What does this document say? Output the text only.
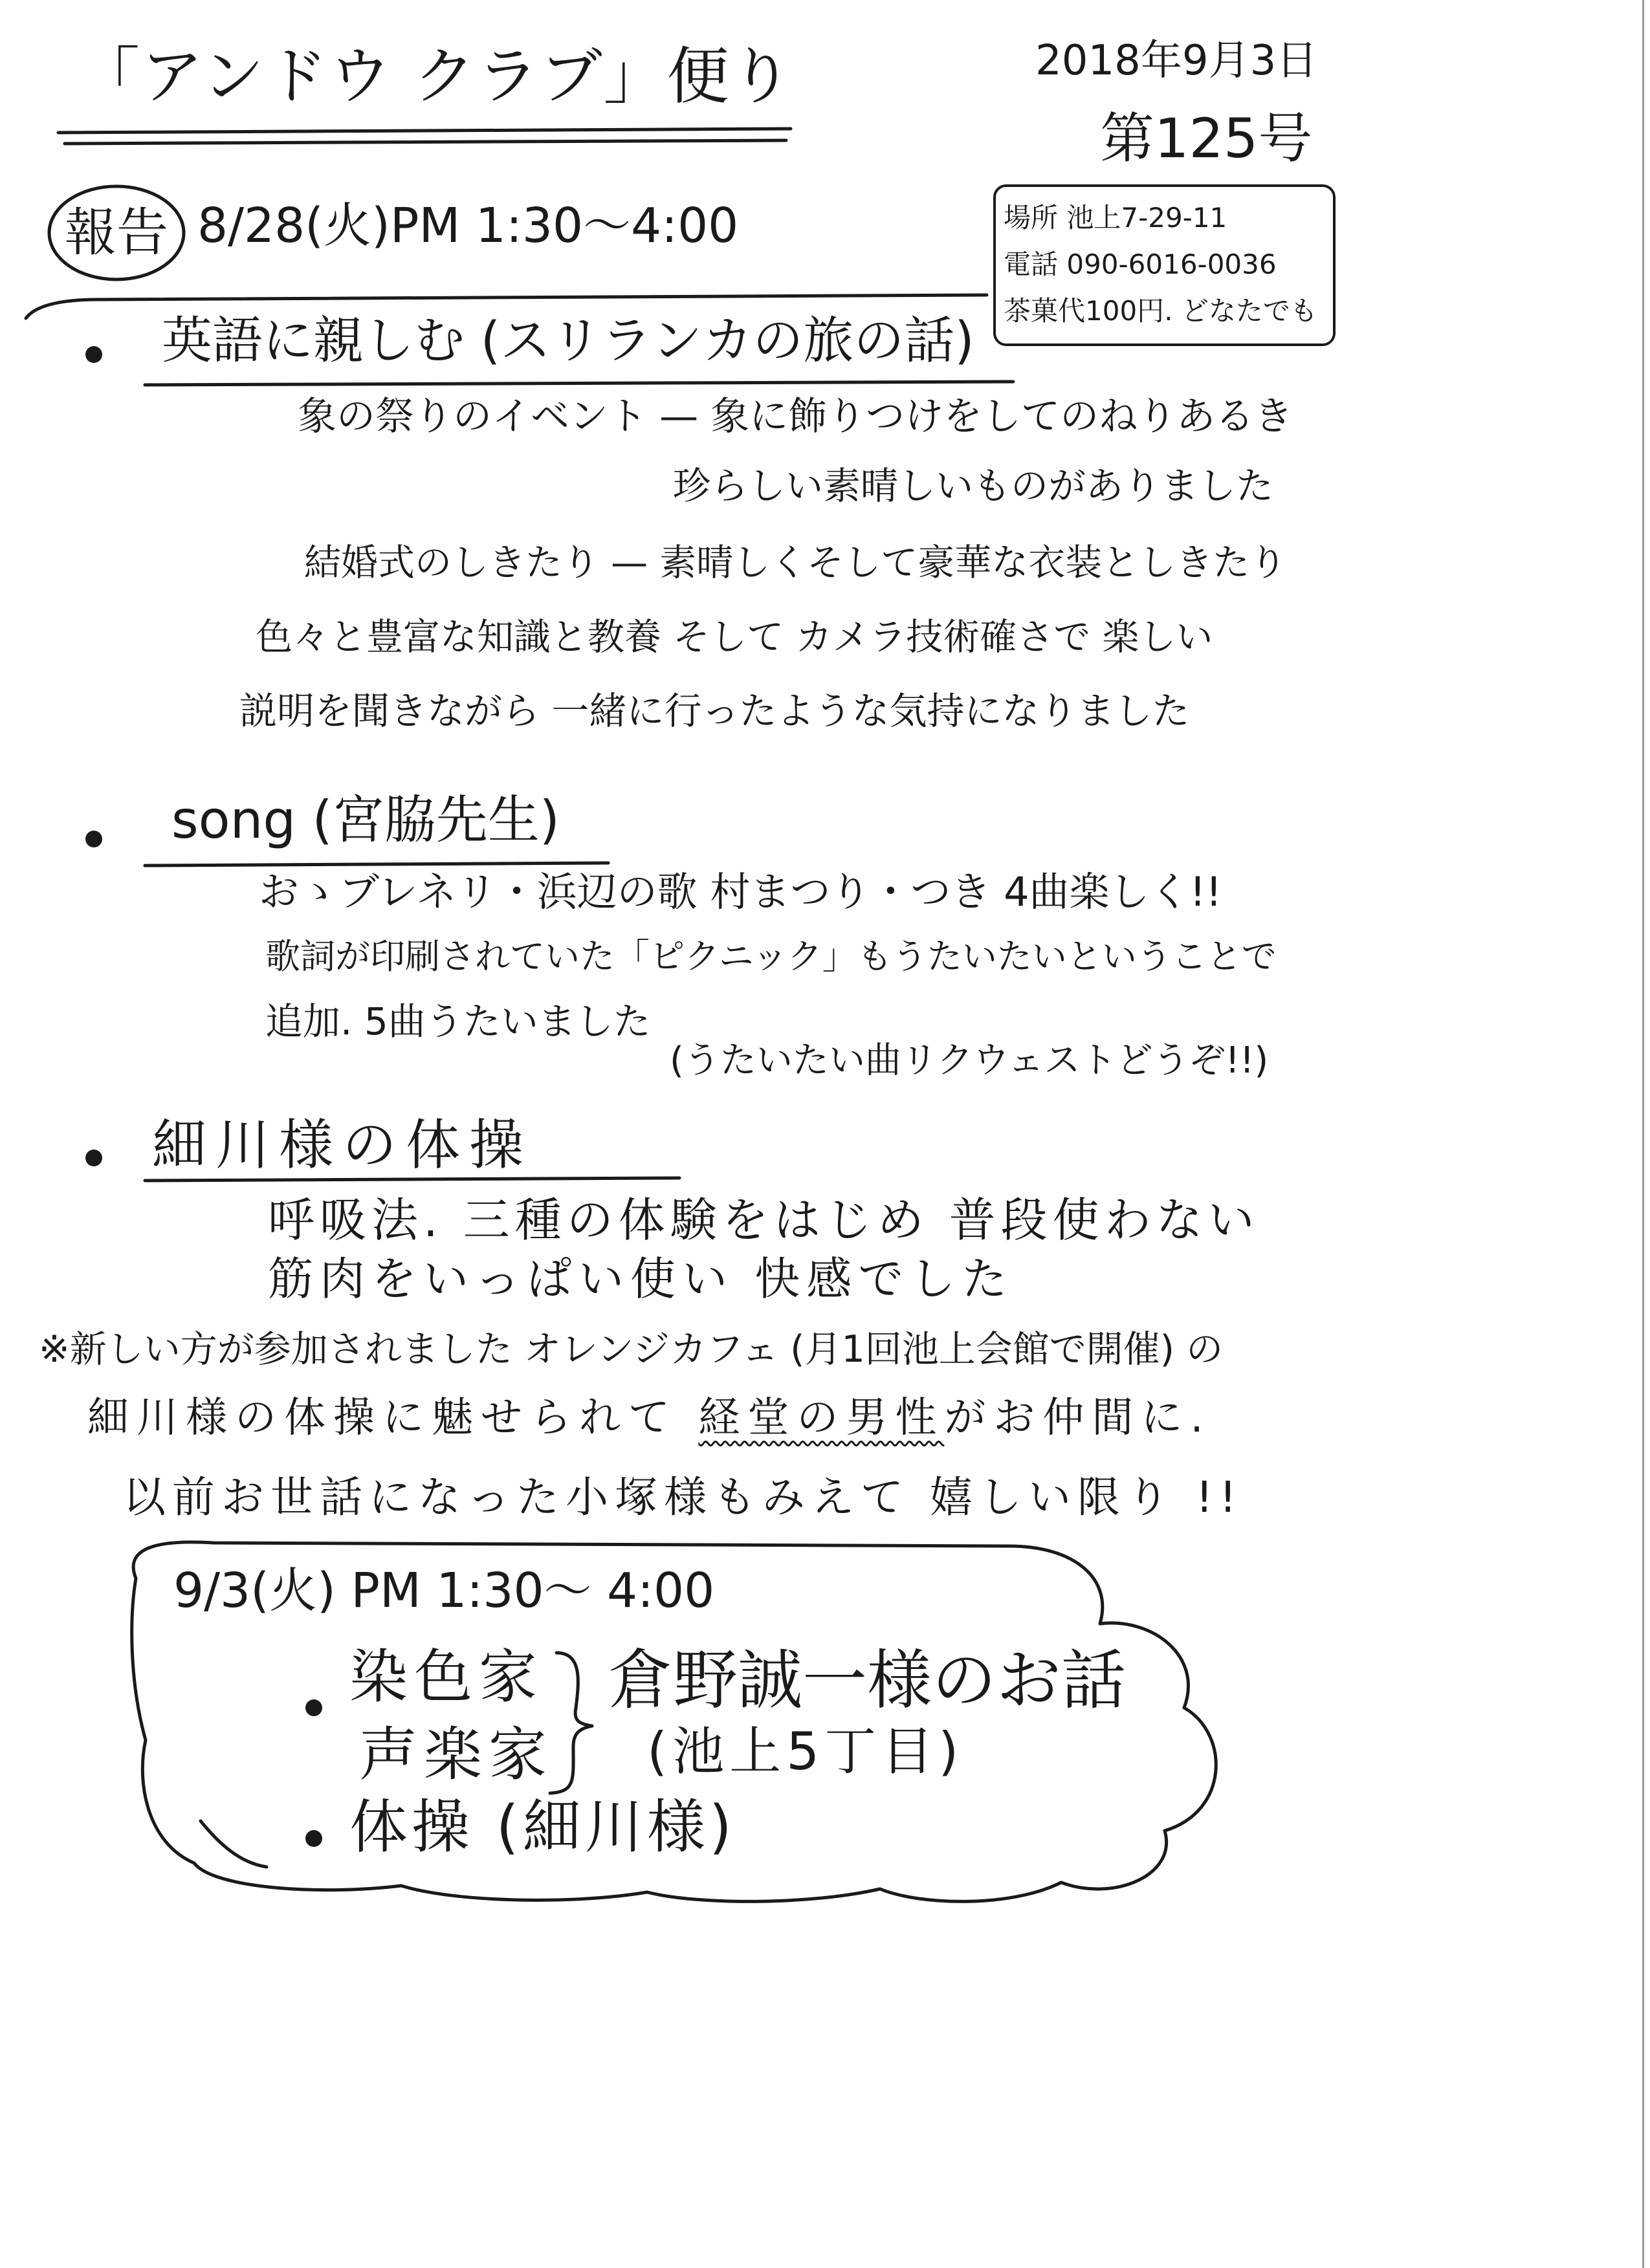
「アンドウ クラブ」便り	2018年9月3日
第125号
場所 池上7-29-11
電話 090-6016-0036
茶菓代100円. どなたでも
報告 8/28(火)PM 1:30〜4:00
英語に親しむ (スリランカの旅の話)
象の祭りのイベント — 象に飾りつけをしてのねりあるき
珍らしい素晴しいものがありました
結婚式のしきたり — 素晴しくそして豪華な衣装としきたり
色々と豊富な知識と教養 そして カメラ技術確さで 楽しい
説明を聞きながら 一緒に行ったような気持になりました
song (宮脇先生)
おゝブレネリ・浜辺の歌 村まつり・つき 4曲楽しく!!
歌詞が印刷されていた「ピクニック」もうたいたいということで
追加. 5曲うたいました
(うたいたい曲リクウェストどうぞ!!)
細川様の体操
呼吸法. 三種の体験をはじめ 普段使わない
筋肉をいっぱい使い 快感でした
※新しい方が参加されました オレンジカフェ (月1回池上会館で開催) の
細川様の体操に魅せられて 経堂の男性がお仲間に.
以前お世話になった小塚様もみえて 嬉しい限り !!
9/3(火) PM 1:30〜 4:00
染色家
声楽家
倉野誠一様のお話
(池上5丁目)
体操 (細川様)
